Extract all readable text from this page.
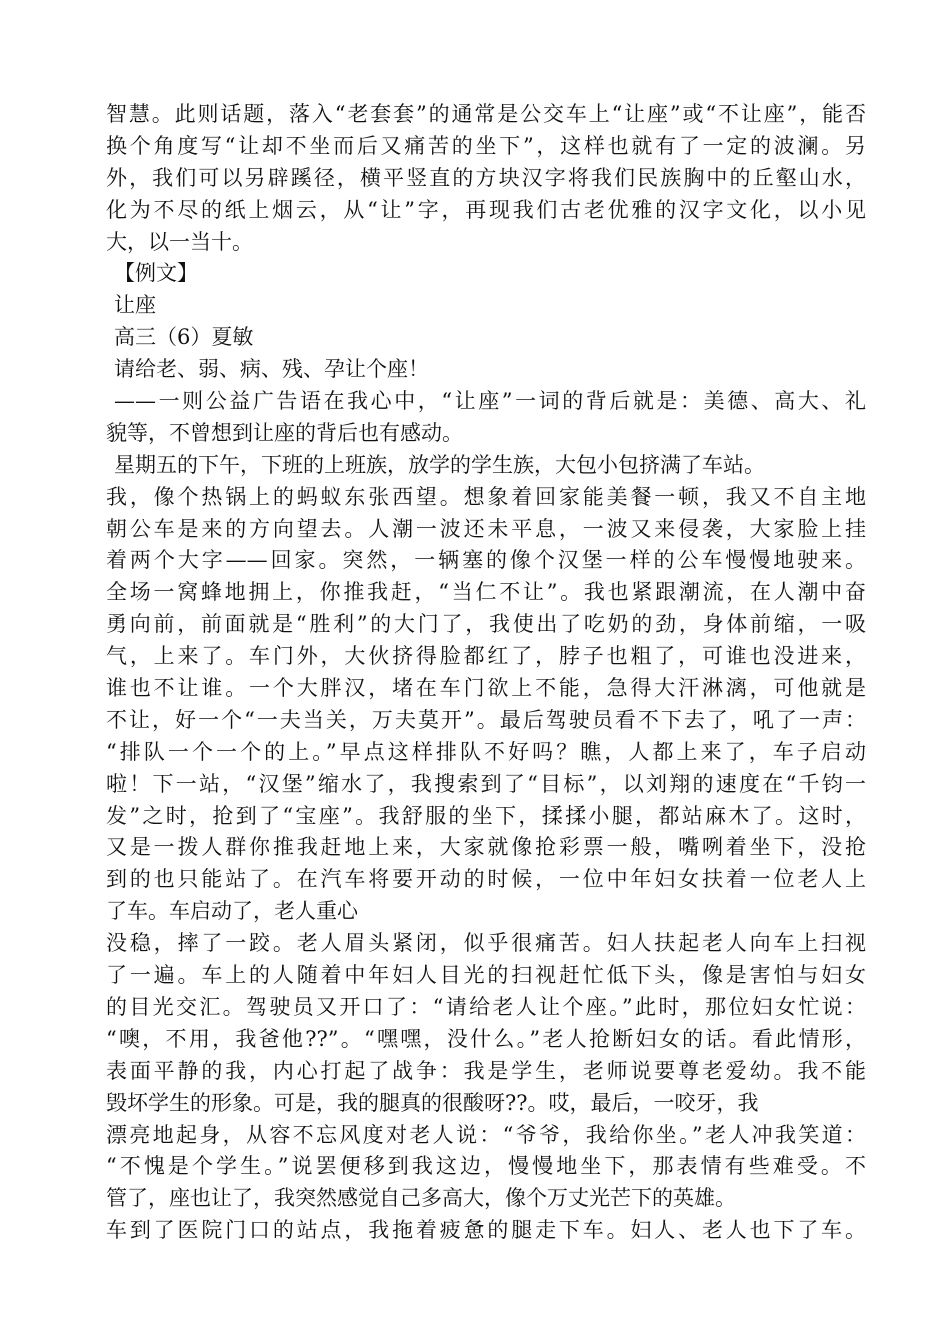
智慧。此则话题，落入“老套套”的通常是公交车上“让座”或“不让座”，能否
换个角度写“让却不坐而后又痛苦的坐下”，这样也就有了一定的波澜。另
外，我们可以另辟蹊径，横平竖直的方块汉字将我们民族胸中的丘壑山水，
化为不尽的纸上烟云，从“让”字，再现我们古老优雅的汉字文化，以小见
大，以一当十。
【例文】
让座
高三（6）夏敏
请给老、弱、病、残、孕让个座！
——一则公益广告语在我心中，“让座”一词的背后就是：美德、高大、礼
貌等，不曾想到让座的背后也有感动。
星期五的下午，下班的上班族，放学的学生族，大包小包挤满了车站。
我，像个热锅上的蚂蚁东张西望。想象着回家能美餐一顿，我又不自主地
朝公车是来的方向望去。人潮一波还未平息，一波又来侵袭，大家脸上挂
着两个大字——回家。突然，一辆塞的像个汉堡一样的公车慢慢地驶来。
全场一窝蜂地拥上，你推我赶，“当仁不让”。我也紧跟潮流，在人潮中奋
勇向前，前面就是“胜利”的大门了，我使出了吃奶的劲，身体前缩，一吸
气，上来了。车门外，大伙挤得脸都红了，脖子也粗了，可谁也没进来，
谁也不让谁。一个大胖汉，堵在车门欲上不能，急得大汗淋漓，可他就是
不让，好一个“一夫当关，万夫莫开”。最后驾驶员看不下去了，吼了一声：
“排队一个一个的上。”早点这样排队不好吗？瞧，人都上来了，车子启动
啦！下一站，“汉堡”缩水了，我搜索到了“目标”，以刘翔的速度在“千钧一
发”之时，抢到了“宝座”。我舒服的坐下，揉揉小腿，都站麻木了。这时，
又是一拨人群你推我赶地上来，大家就像抢彩票一般，嘴咧着坐下，没抢
到的也只能站了。在汽车将要开动的时候，一位中年妇女扶着一位老人上
了车。车启动了，老人重心
没稳，摔了一跤。老人眉头紧闭，似乎很痛苦。妇人扶起老人向车上扫视
了一遍。车上的人随着中年妇人目光的扫视赶忙低下头，像是害怕与妇女
的目光交汇。驾驶员又开口了：“请给老人让个座。”此时，那位妇女忙说：
“噢，不用，我爸他??”。“嘿嘿，没什么。”老人抢断妇女的话。看此情形，
表面平静的我，内心打起了战争：我是学生，老师说要尊老爱幼。我不能
毁坏学生的形象。可是，我的腿真的很酸呀??。哎，最后，一咬牙，我
漂亮地起身，从容不忘风度对老人说：“爷爷，我给你坐。”老人冲我笑道：
“不愧是个学生。”说罢便移到我这边，慢慢地坐下，那表情有些难受。不
管了，座也让了，我突然感觉自己多高大，像个万丈光芒下的英雄。
车到了医院门口的站点，我拖着疲惫的腿走下车。妇人、老人也下了车。
